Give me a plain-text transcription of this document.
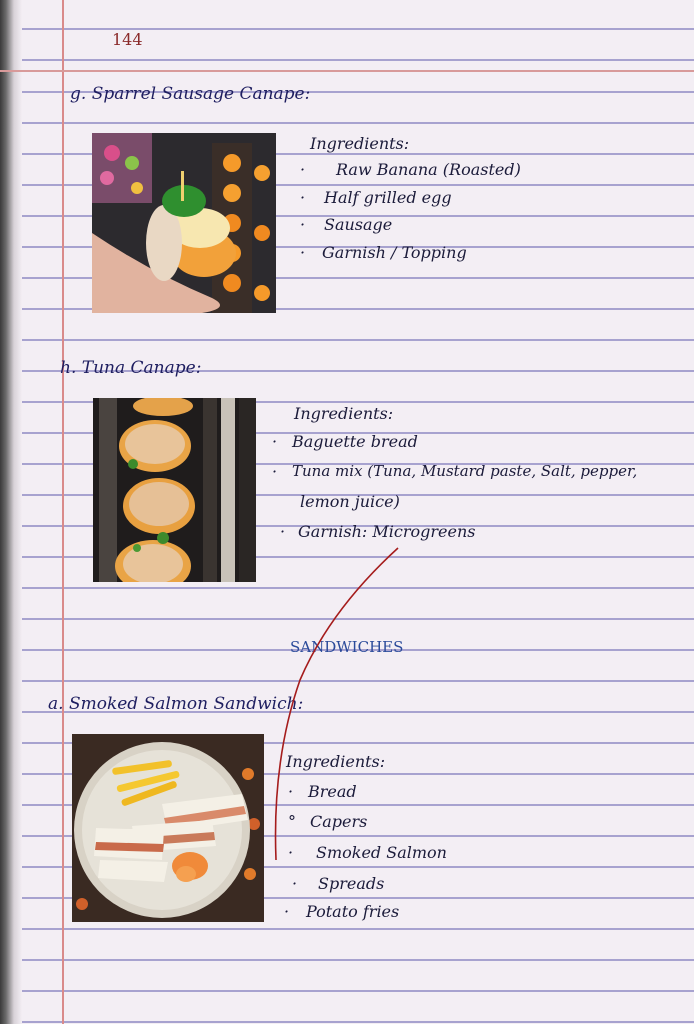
144
g. Sparrel Sausage Canape:
Ingredients:
· Raw Banana (Roasted)
· Half grilled egg
· Sausage
· Garnish / Topping
h. Tuna Canape:
Ingredients:
· Baguette bread
· Tuna mix (Tuna, Mustard paste, Salt, pepper,
lemon juice)
· Garnish: Microgreens
SANDWICHES
a. Smoked Salmon Sandwich:
Ingredients:
· Bread
° Capers
· Smoked Salmon
· Spreads
· Potato fries
